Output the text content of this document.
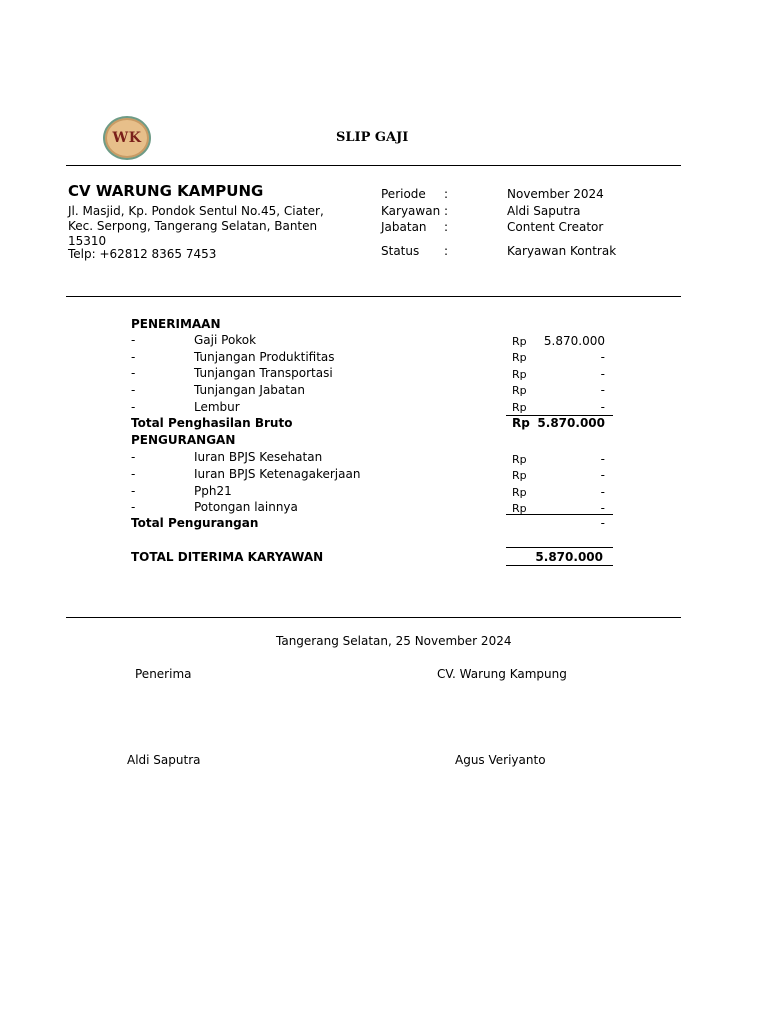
WK	SLIP GAJI
CV WARUNG KAMPUNG
Jl. Masjid, Kp. Pondok Sentul No.45, Ciater,
Kec. Serpong, Tangerang Selatan, Banten
15310
Telp: +62812 8365 7453
Periode :	November 2024
Karyawan :	Aldi Saputra
Jabatan :	Content Creator
Status :	Karyawan Kontrak
PENERIMAAN
-	Gaji Pokok	Rp 5.870.000
-	Tunjangan Produktifitas	Rp	-
-	Tunjangan Transportasi	Rp	-
-	Tunjangan Jabatan	Rp	-
-	Lembur	Rp	-
Total Penghasilan Bruto	Rp 5.870.000
PENGURANGAN
-	Iuran BPJS Kesehatan	Rp	-
-	Iuran BPJS Ketenagakerjaan	Rp	-
-	Pph21	Rp	-
-	Potongan lainnya	Rp	-
Total Pengurangan	-
TOTAL DITERIMA KARYAWAN	5.870.000
Tangerang Selatan, 25 November 2024
Penerima	CV. Warung Kampung
Aldi Saputra	Agus Veriyanto
